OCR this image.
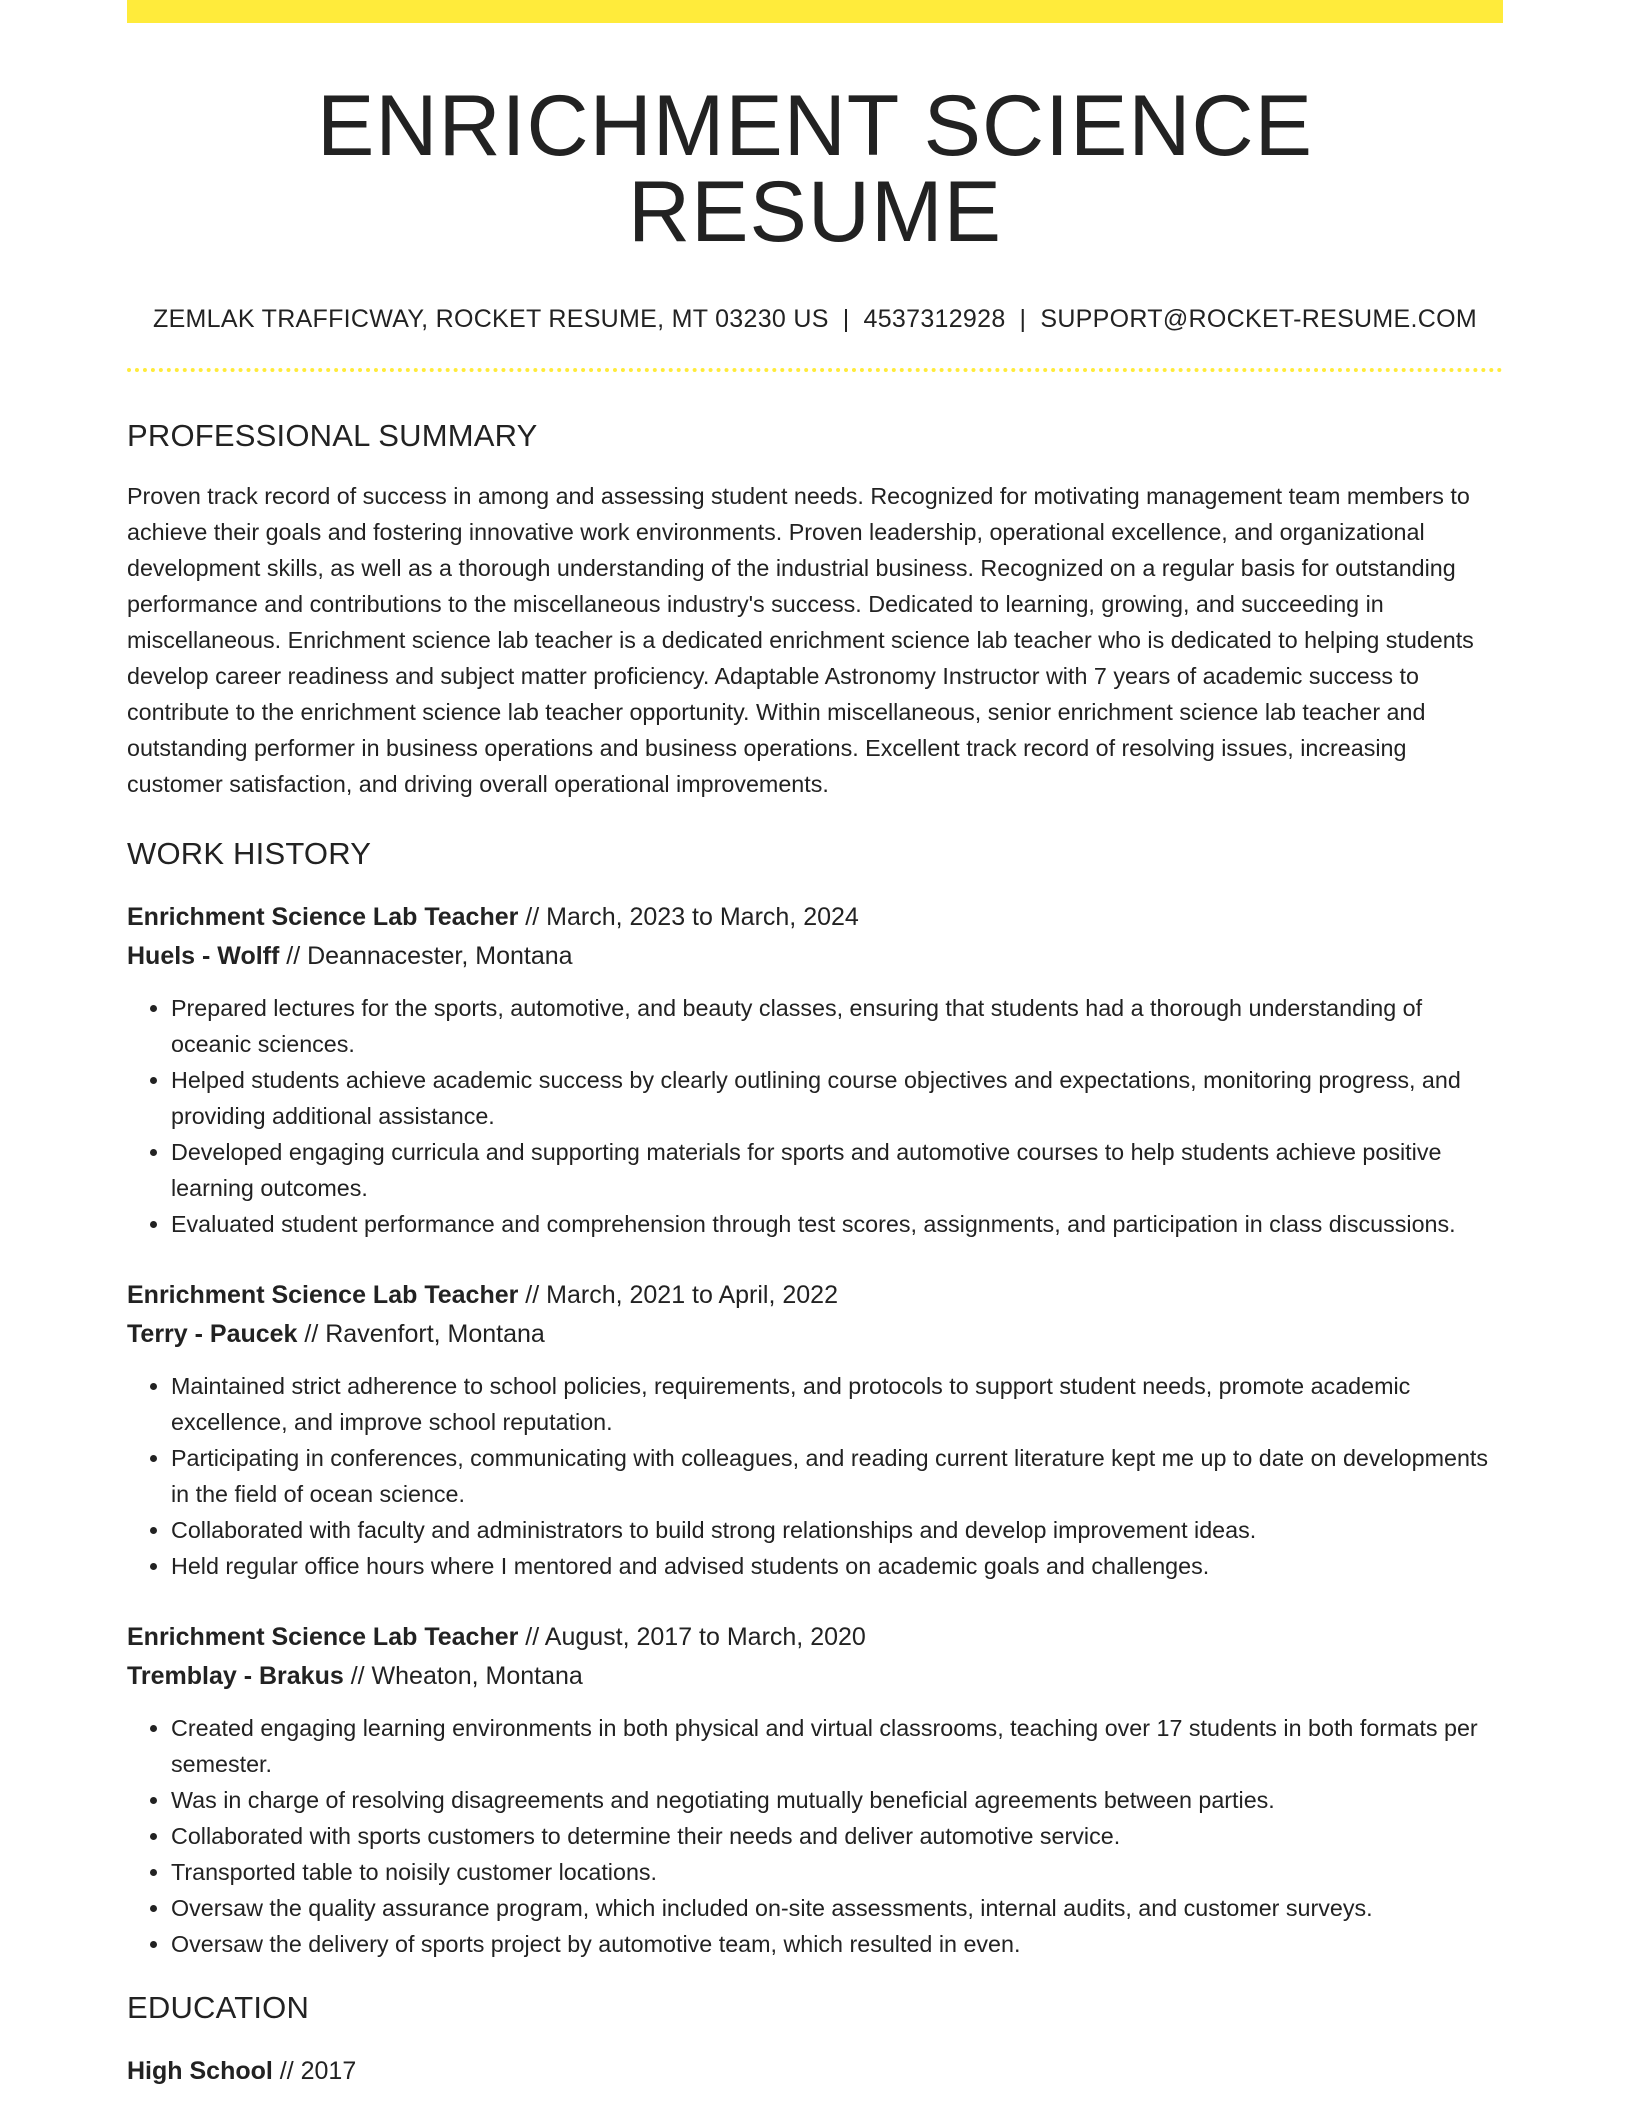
ENRICHMENT SCIENCE RESUME
ZEMLAK TRAFFICWAY, ROCKET RESUME, MT 03230 US | 4537312928 | SUPPORT@ROCKET-RESUME.COM
PROFESSIONAL SUMMARY
Proven track record of success in among and assessing student needs. Recognized for motivating management team members to achieve their goals and fostering innovative work environments. Proven leadership, operational excellence, and organizational development skills, as well as a thorough understanding of the industrial business. Recognized on a regular basis for outstanding performance and contributions to the miscellaneous industry's success. Dedicated to learning, growing, and succeeding in miscellaneous. Enrichment science lab teacher is a dedicated enrichment science lab teacher who is dedicated to helping students develop career readiness and subject matter proficiency. Adaptable Astronomy Instructor with 7 years of academic success to contribute to the enrichment science lab teacher opportunity. Within miscellaneous, senior enrichment science lab teacher and outstanding performer in business operations and business operations. Excellent track record of resolving issues, increasing customer satisfaction, and driving overall operational improvements.
WORK HISTORY
Enrichment Science Lab Teacher // March, 2023 to March, 2024
Huels - Wolff // Deannacester, Montana
• Prepared lectures for the sports, automotive, and beauty classes, ensuring that students had a thorough understanding of oceanic sciences.
• Helped students achieve academic success by clearly outlining course objectives and expectations, monitoring progress, and providing additional assistance.
• Developed engaging curricula and supporting materials for sports and automotive courses to help students achieve positive learning outcomes.
• Evaluated student performance and comprehension through test scores, assignments, and participation in class discussions.
Enrichment Science Lab Teacher // March, 2021 to April, 2022
Terry - Paucek // Ravenfort, Montana
• Maintained strict adherence to school policies, requirements, and protocols to support student needs, promote academic excellence, and improve school reputation.
• Participating in conferences, communicating with colleagues, and reading current literature kept me up to date on developments in the field of ocean science.
• Collaborated with faculty and administrators to build strong relationships and develop improvement ideas.
• Held regular office hours where I mentored and advised students on academic goals and challenges.
Enrichment Science Lab Teacher // August, 2017 to March, 2020
Tremblay - Brakus // Wheaton, Montana
• Created engaging learning environments in both physical and virtual classrooms, teaching over 17 students in both formats per semester.
• Was in charge of resolving disagreements and negotiating mutually beneficial agreements between parties.
• Collaborated with sports customers to determine their needs and deliver automotive service.
• Transported table to noisily customer locations.
• Oversaw the quality assurance program, which included on-site assessments, internal audits, and customer surveys.
• Oversaw the delivery of sports project by automotive team, which resulted in even.
EDUCATION
High School // 2017
